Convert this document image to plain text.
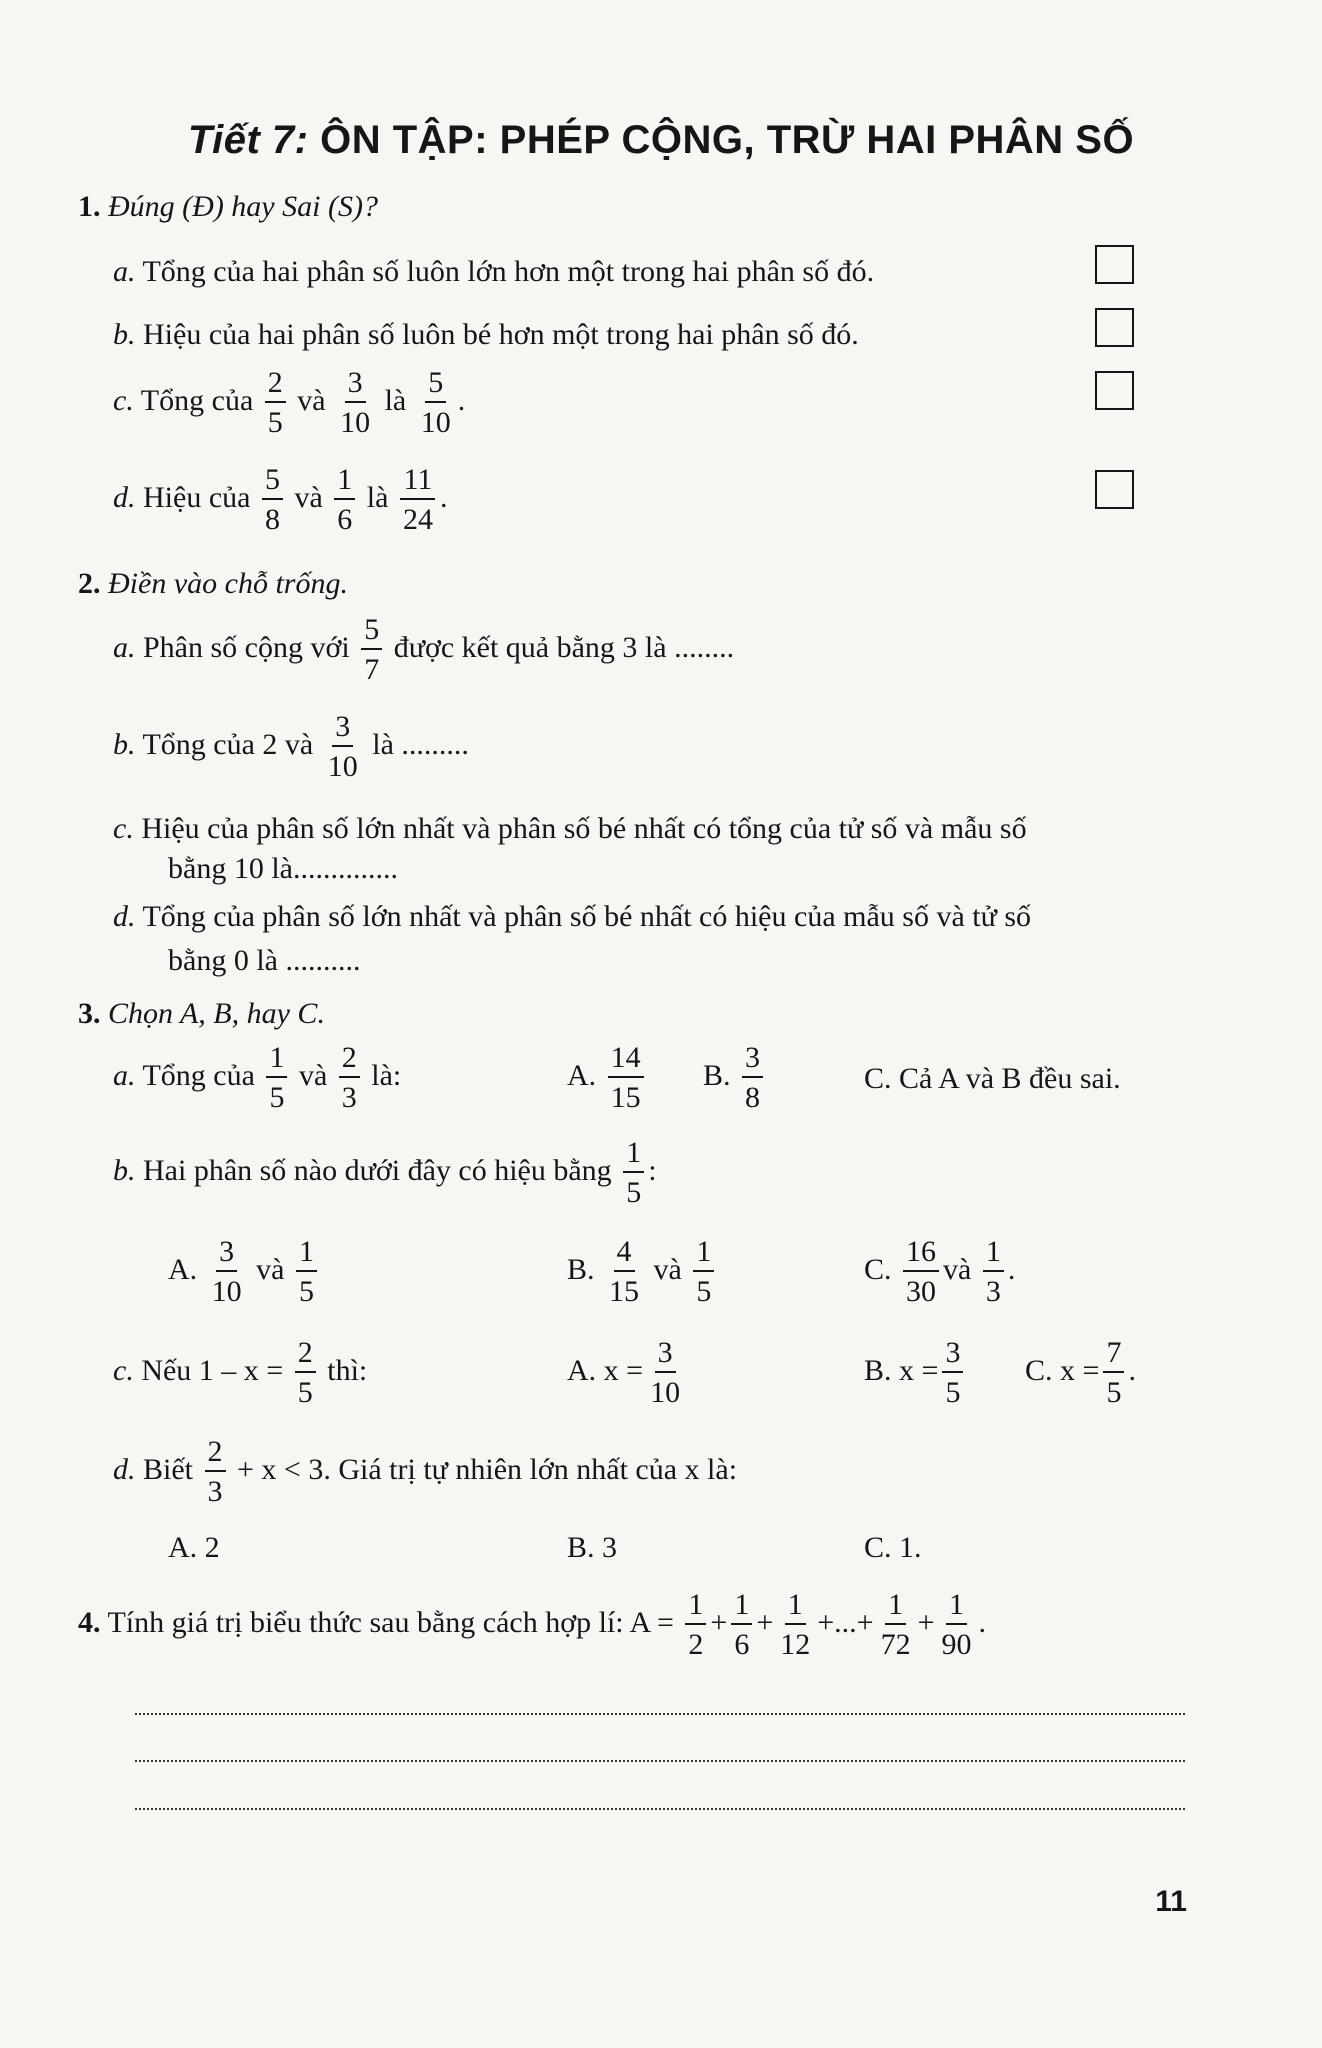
Tiết 7: ÔN TẬP: PHÉP CỘNG, TRỪ HAI PHÂN SỐ
1. Đúng (Đ) hay Sai (S)?
a. Tổng của hai phân số luôn lớn hơn một trong hai phân số đó.
b. Hiệu của hai phân số luôn bé hơn một trong hai phân số đó.
c. Tổng của $\frac{2}{5}$ và $\frac{3}{10}$ là $\frac{5}{10}$ .
d. Hiệu của $\frac{5}{8}$ và $\frac{1}{6}$ là $\frac{11}{24}$ .
2. Điền vào chỗ trống.
a. Phân số cộng với $\frac{5}{7}$ được kết quả bằng 3 là ........
b. Tổng của 2 và $\frac{3}{10}$ là .........
c. Hiệu của phân số lớn nhất và phân số bé nhất có tổng của tử số và mẫu số
bằng 10 là..............
d. Tổng của phân số lớn nhất và phân số bé nhất có hiệu của mẫu số và tử số
bằng 0 là ..........
3. Chọn A, B, hay C.
a. Tổng của $\frac{1}{5}$ và $\frac{2}{3}$ là:	A. $\frac{14}{15} B$. $\frac{3}{8}$	C. Cả A và B đều sai.
b. Hai phân số nào dưới đây có hiệu bằng $\frac{1}{5}$ :
A. $\frac{3}{10}$ và $\frac{1}{5}$	B. $\frac{4}{15}$ và $\frac{1}{5}$	C. $\frac{16}{30}$ và $\frac{1}{3}$ .
c. Nếu $1 - x = \frac{2}{5}$ thì:	A. $x = \frac{3}{10}$	B. $x = \frac{3}{5} C$. $x = \frac{7}{5}$ .
d. Biết $\frac{2}{3} + x < 3$. Giá trị tự nhiên lớn nhất của x là:
A. 2	B. 3	C. 1.
4. Tính giá trị biểu thức sau bằng cách hợp lí: $A = \frac{1}{2} + \frac{1}{6} + \frac{1}{12}$ +...+ $\frac{1}{72} + \frac{1}{90}$ .
11
